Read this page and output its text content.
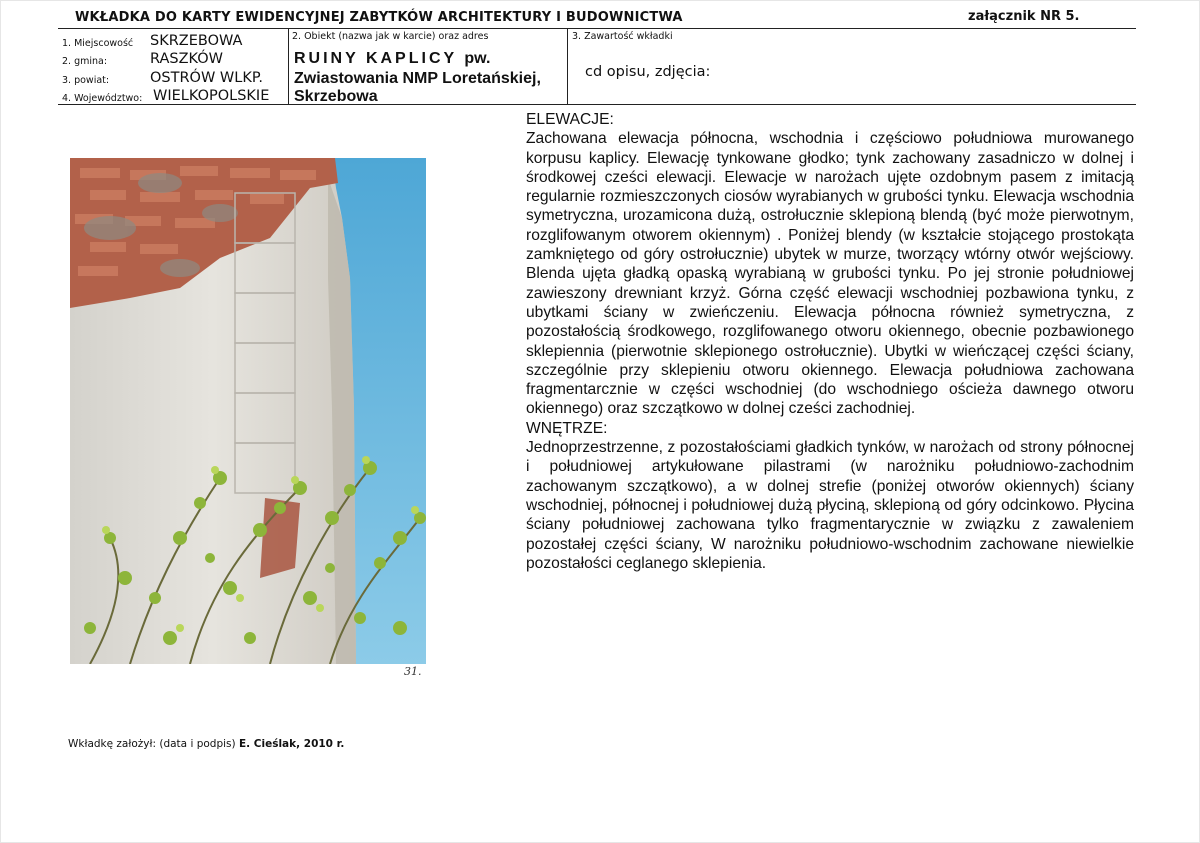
WKŁADKA DO KARTY EWIDENCYJNEJ ZABYTKÓW ARCHITEKTURY I BUDOWNICTWA	załącznik NR 5.
1. Miejscowość SKRZEBOWA
2. gmina:	RASZKÓW
3. powiat:	OSTRÓW WLKP.
4. Województwo: WIELKOPOLSKIE
2. Obiekt (nazwa jak w karcie) oraz adres
RUINY KAPLICY pw.
Zwiastowania NMP Loretańskiej,
Skrzebowa
3. Zawartość wkładki
cd opisu, zdjęcia:
31.
ELEWACJE:

Zachowana elewacja północna, wschodnia i częściowo południowa murowanego korpusu kaplicy. Elewację tynkowane głodko; tynk zachowany zasadniczo w dolnej i środkowej cześci elewacji. Elewacje w narożach ujęte ozdobnym pasem z imitacją regularnie rozmieszczonych ciosów wyrabianych w grubości tynku. Elewacja wschodnia symetryczna, urozamicona dużą, ostrołucznie sklepioną blendą (być może pierwotnym, rozglifowanym otworem okiennym) . Poniżej blendy (w kształcie stojącego prostokąta zamkniętego od góry ostrołucznie) ubytek w murze, tworzący wtórny otwór wejściowy. Blenda ujęta gładką opaską wyrabianą w grubości tynku. Po jej stronie południowej zawieszony drewniant krzyż. Górna część elewacji wschodniej pozbawiona tynku, z ubytkami ściany w zwieńczeniu. Elewacja północna również symetryczna, z pozostałością środkowego, rozglifowanego otworu okiennego, obecnie pozbawionego sklepiennia (pierwotnie sklepionego ostrołucznie). Ubytki w wieńczącej części ściany, szczególnie przy sklepieniu otworu okiennego. Elewacja południowa zachowana fragmentarcznie w części wschodniej (do wschodniego ościeża dawnego otworu okiennego) oraz szczątkowo w dolnej cześci zachodniej.

WNĘTRZE:

Jednoprzestrzenne, z pozostałościami gładkich tynków, w narożach od strony północnej i południowej artykułowane pilastrami (w narożniku południowo-zachodnim zachowanym szczątkowo), a w dolnej strefie (poniżej otworów okiennych) ściany wschodniej, północnej i południowej dużą płyciną, sklepioną od góry odcinkowo. Płycina ściany południowej zachowana tylko fragmentarycznie w związku z zawaleniem pozostałej części ściany, W narożniku południowo-wschodnim zachowane niewielkie pozostałości ceglanego sklepienia.

Wkładkę założył: (data i podpis) E. Cieślak, 2010 r.
